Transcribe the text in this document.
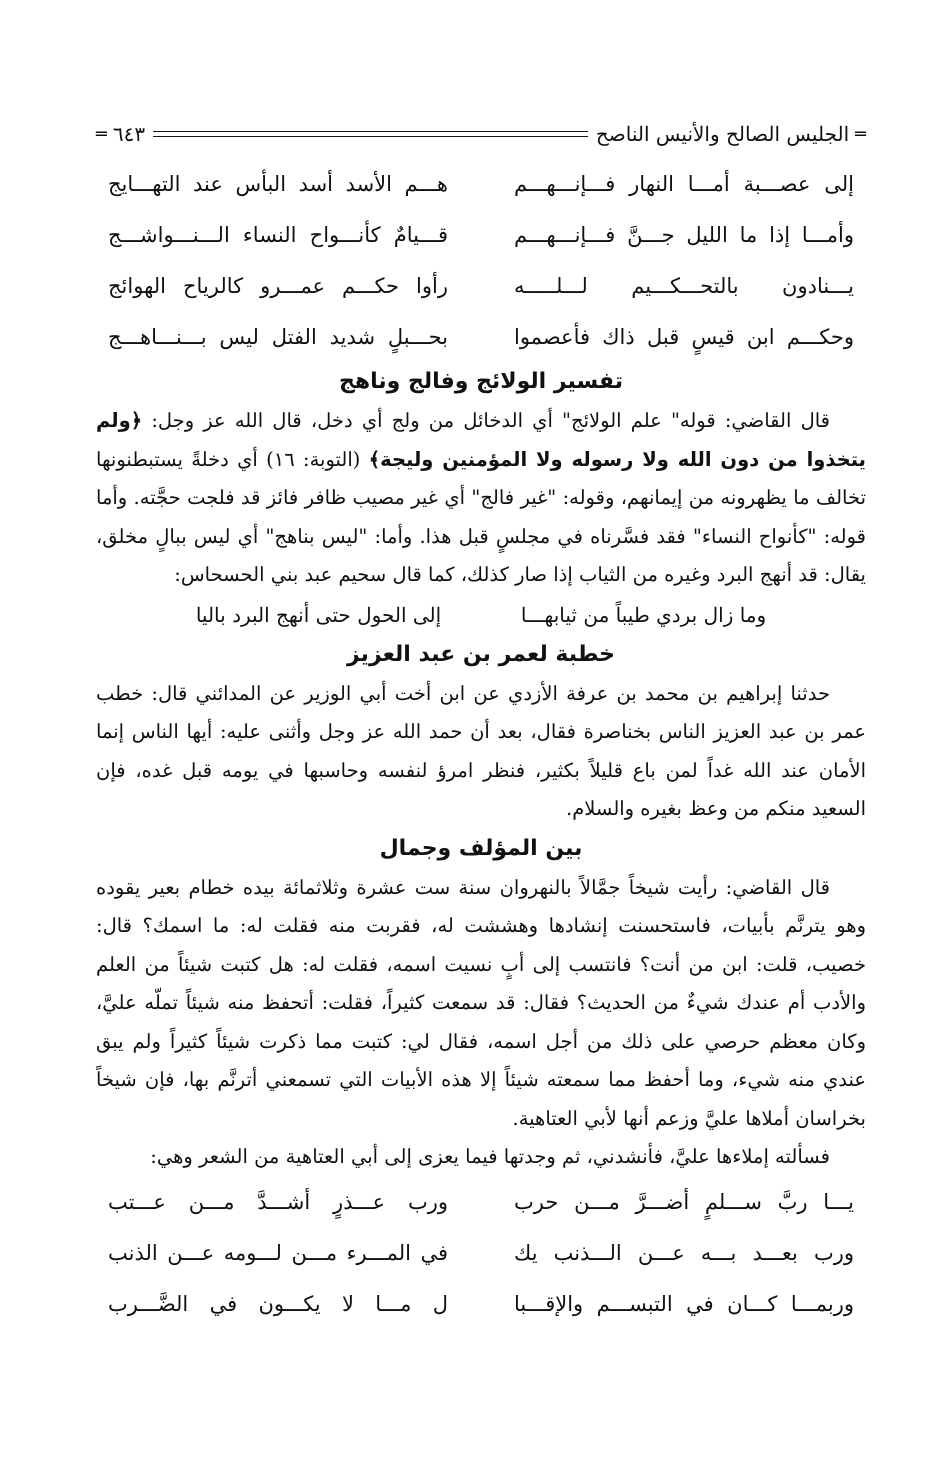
═
الجليس الصالح والأنيس الناصح
٦٤٣
═
إلى عصـــبة أمـــا النهار فـــإنـــهـــم
هـــم الأسد أسد البأس عند التهـــايج
وأمـــا إذا ما الليل جـــنَّ فـــإنـــهـــم
قـــيامٌ كأنـــواح النساء الـــنـــواشـــج
يـــنادون بالتحـــكـــيم لـــلـــــه
رأوا حكـــم عمـــرو كالرياح الهوائج
وحكـــم ابن قيسٍ قبل ذاك فأعصموا
بحـــبلٍ شديد الفتل ليس بـــنـــاهـــج
تفسير الولائج وفالج وناهج

قال القاضي: قوله" علم الولائج" أي الدخائل من ولج أي دخل، قال الله عز وجل: ﴿ولم يتخذوا من دون الله ولا رسوله ولا المؤمنين وليجة﴾ (التوبة: ١٦) أي دخلةً يستبطنونها تخالف ما يظهرونه من إيمانهم، وقوله: "غير فالج" أي غير مصيب ظافر فائز قد فلجت حجَّته. وأما قوله: "كأنواح النساء" فقد فسَّرناه في مجلسٍ قبل هذا. وأما: "ليس بناهج" أي ليس ببالٍ مخلق، يقال: قد أنهج البرد وغيره من الثياب إذا صار كذلك، كما قال سحيم عبد بني الحسحاس:

وما زال بردي طيباً من ثيابهـــا
إلى الحول حتى أنهج البرد باليا
خطبة لعمر بن عبد العزيز

حدثنا إبراهيم بن محمد بن عرفة الأزدي عن ابن أخت أبي الوزير عن المدائني قال: خطب عمر بن عبد العزيز الناس بخناصرة فقال، بعد أن حمد الله عز وجل وأثنى عليه: أيها الناس إنما الأمان عند الله غداً لمن باع قليلاً بكثير، فنظر امرؤ لنفسه وحاسبها في يومه قبل غده، فإن السعيد منكم من وعظ بغيره والسلام.

بين المؤلف وجمال

قال القاضي: رأيت شيخاً جمَّالاً بالنهروان سنة ست عشرة وثلاثمائة بيده خطام بعير يقوده وهو يترنَّم بأبيات، فاستحسنت إنشادها وهششت له، فقربت منه فقلت له: ما اسمك؟ قال: خصيب، قلت: ابن من أنت؟ فانتسب إلى أبٍ نسيت اسمه، فقلت له: هل كتبت شيئاً من العلم والأدب أم عندك شيءٌ من الحديث؟ فقال: قد سمعت كثيراً، فقلت: أتحفظ منه شيئاً تملّه عليَّ، وكان معظم حرصي على ذلك من أجل اسمه، فقال لي: كتبت مما ذكرت شيئاً كثيراً ولم يبق عندي منه شيء، وما أحفظ مما سمعته شيئاً إلا هذه الأبيات التي تسمعني أترنَّم بها، فإن شيخاً بخراسان أملاها عليَّ وزعم أنها لأبي العتاهية.

فسألته إملاءها عليَّ، فأنشدني، ثم وجدتها فيما يعزى إلى أبي العتاهية من الشعر وهي:

يـــا ربَّ ســـلمٍ أضـــرَّ مـــن حرب
ورب عـــذرٍ أشـــدَّ مـــن عـــتب
ورب بعـــد بـــه عـــن الـــذنب يك
في المـــرء مـــن لـــومه عـــن الذنب
وربمـــا كـــان في التبســـم والإقـــبا
ل مـــا لا يكـــون في الضَّـــرب
